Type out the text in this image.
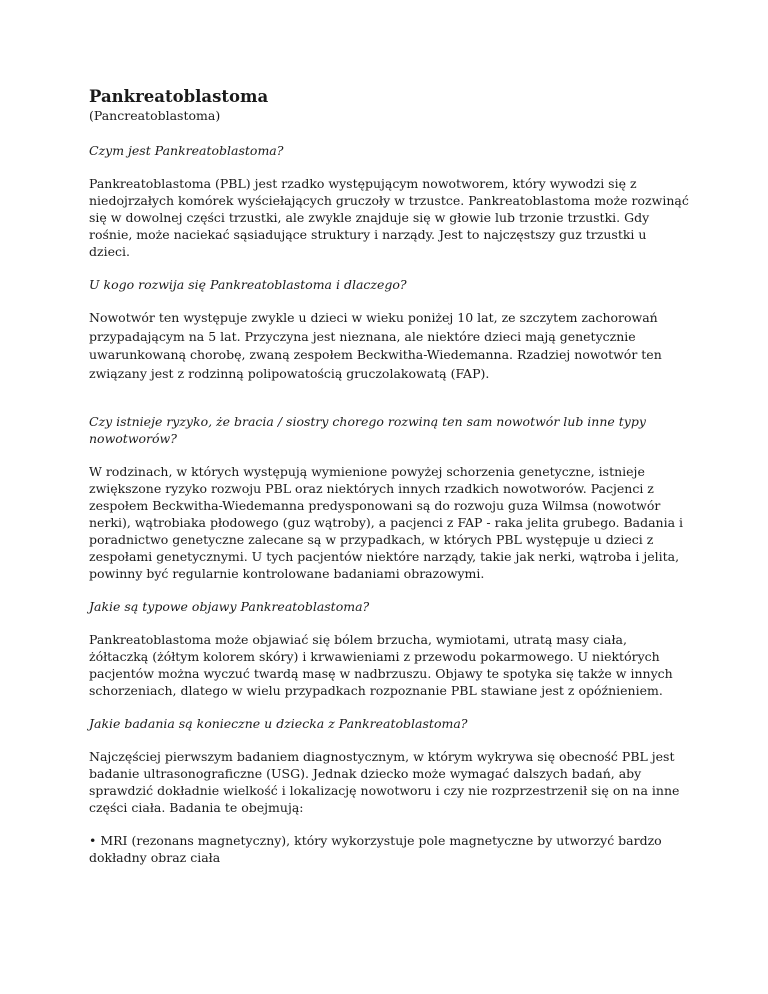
Pankreatoblastoma

(Pancreatoblastoma)

Czym jest Pankreatoblastoma?

Pankreatoblastoma (PBL) jest rzadko występującym nowotworem, który wywodzi się z niedojrzałych komórek wyściełających gruczoły w trzustce. Pankreatoblastoma może rozwinąć się w dowolnej części trzustki, ale zwykle znajduje się w głowie lub trzonie trzustki. Gdy rośnie, może naciekać sąsiadujące struktury i narządy. Jest to najczęstszy guz trzustki u dzieci.

U kogo rozwija się Pankreatoblastoma i dlaczego?

Nowotwór ten występuje zwykle u dzieci w wieku poniżej 10 lat, ze szczytem zachorowań przypadającym na 5 lat. Przyczyna jest nieznana, ale niektóre dzieci mają genetycznie uwarunkowaną chorobę, zwaną zespołem Beckwitha-Wiedemanna. Rzadziej nowotwór ten związany jest z rodzinną polipowatością gruczolakowatą (FAP).

Czy istnieje ryzyko, że bracia / siostry chorego rozwiną ten sam nowotwór lub inne typy nowotworów?

W rodzinach, w których występują wymienione powyżej schorzenia genetyczne, istnieje zwiększone ryzyko rozwoju PBL oraz niektórych innych rzadkich nowotworów. Pacjenci z zespołem Beckwitha-Wiedemanna predysponowani są do rozwoju guza Wilmsa (nowotwór nerki), wątrobiaka płodowego (guz wątroby), a pacjenci z FAP - raka jelita grubego. Badania i poradnictwo genetyczne zalecane są w przypadkach, w których PBL występuje u dzieci z zespołami genetycznymi. U tych pacjentów niektóre narządy, takie jak nerki, wątroba i jelita, powinny być regularnie kontrolowane badaniami obrazowymi.

Jakie są typowe objawy Pankreatoblastoma?

Pankreatoblastoma może objawiać się bólem brzucha, wymiotami, utratą masy ciała, żółtaczką (żółtym kolorem skóry) i krwawieniami z przewodu pokarmowego. U niektórych pacjentów można wyczuć twardą masę w nadbrzuszu. Objawy te spotyka się także w innych schorzeniach, dlatego w wielu przypadkach rozpoznanie PBL stawiane jest z opóźnieniem.

Jakie badania są konieczne u dziecka z Pankreatoblastoma?

Najczęściej pierwszym badaniem diagnostycznym, w którym wykrywa się obecność PBL jest badanie ultrasonograficzne (USG). Jednak dziecko może wymagać dalszych badań, aby sprawdzić dokładnie wielkość i lokalizację nowotworu i czy nie rozprzestrzenił się on na inne części ciała. Badania te obejmują:

• MRI (rezonans magnetyczny), który wykorzystuje pole magnetyczne by utworzyć bardzo dokładny obraz ciała
